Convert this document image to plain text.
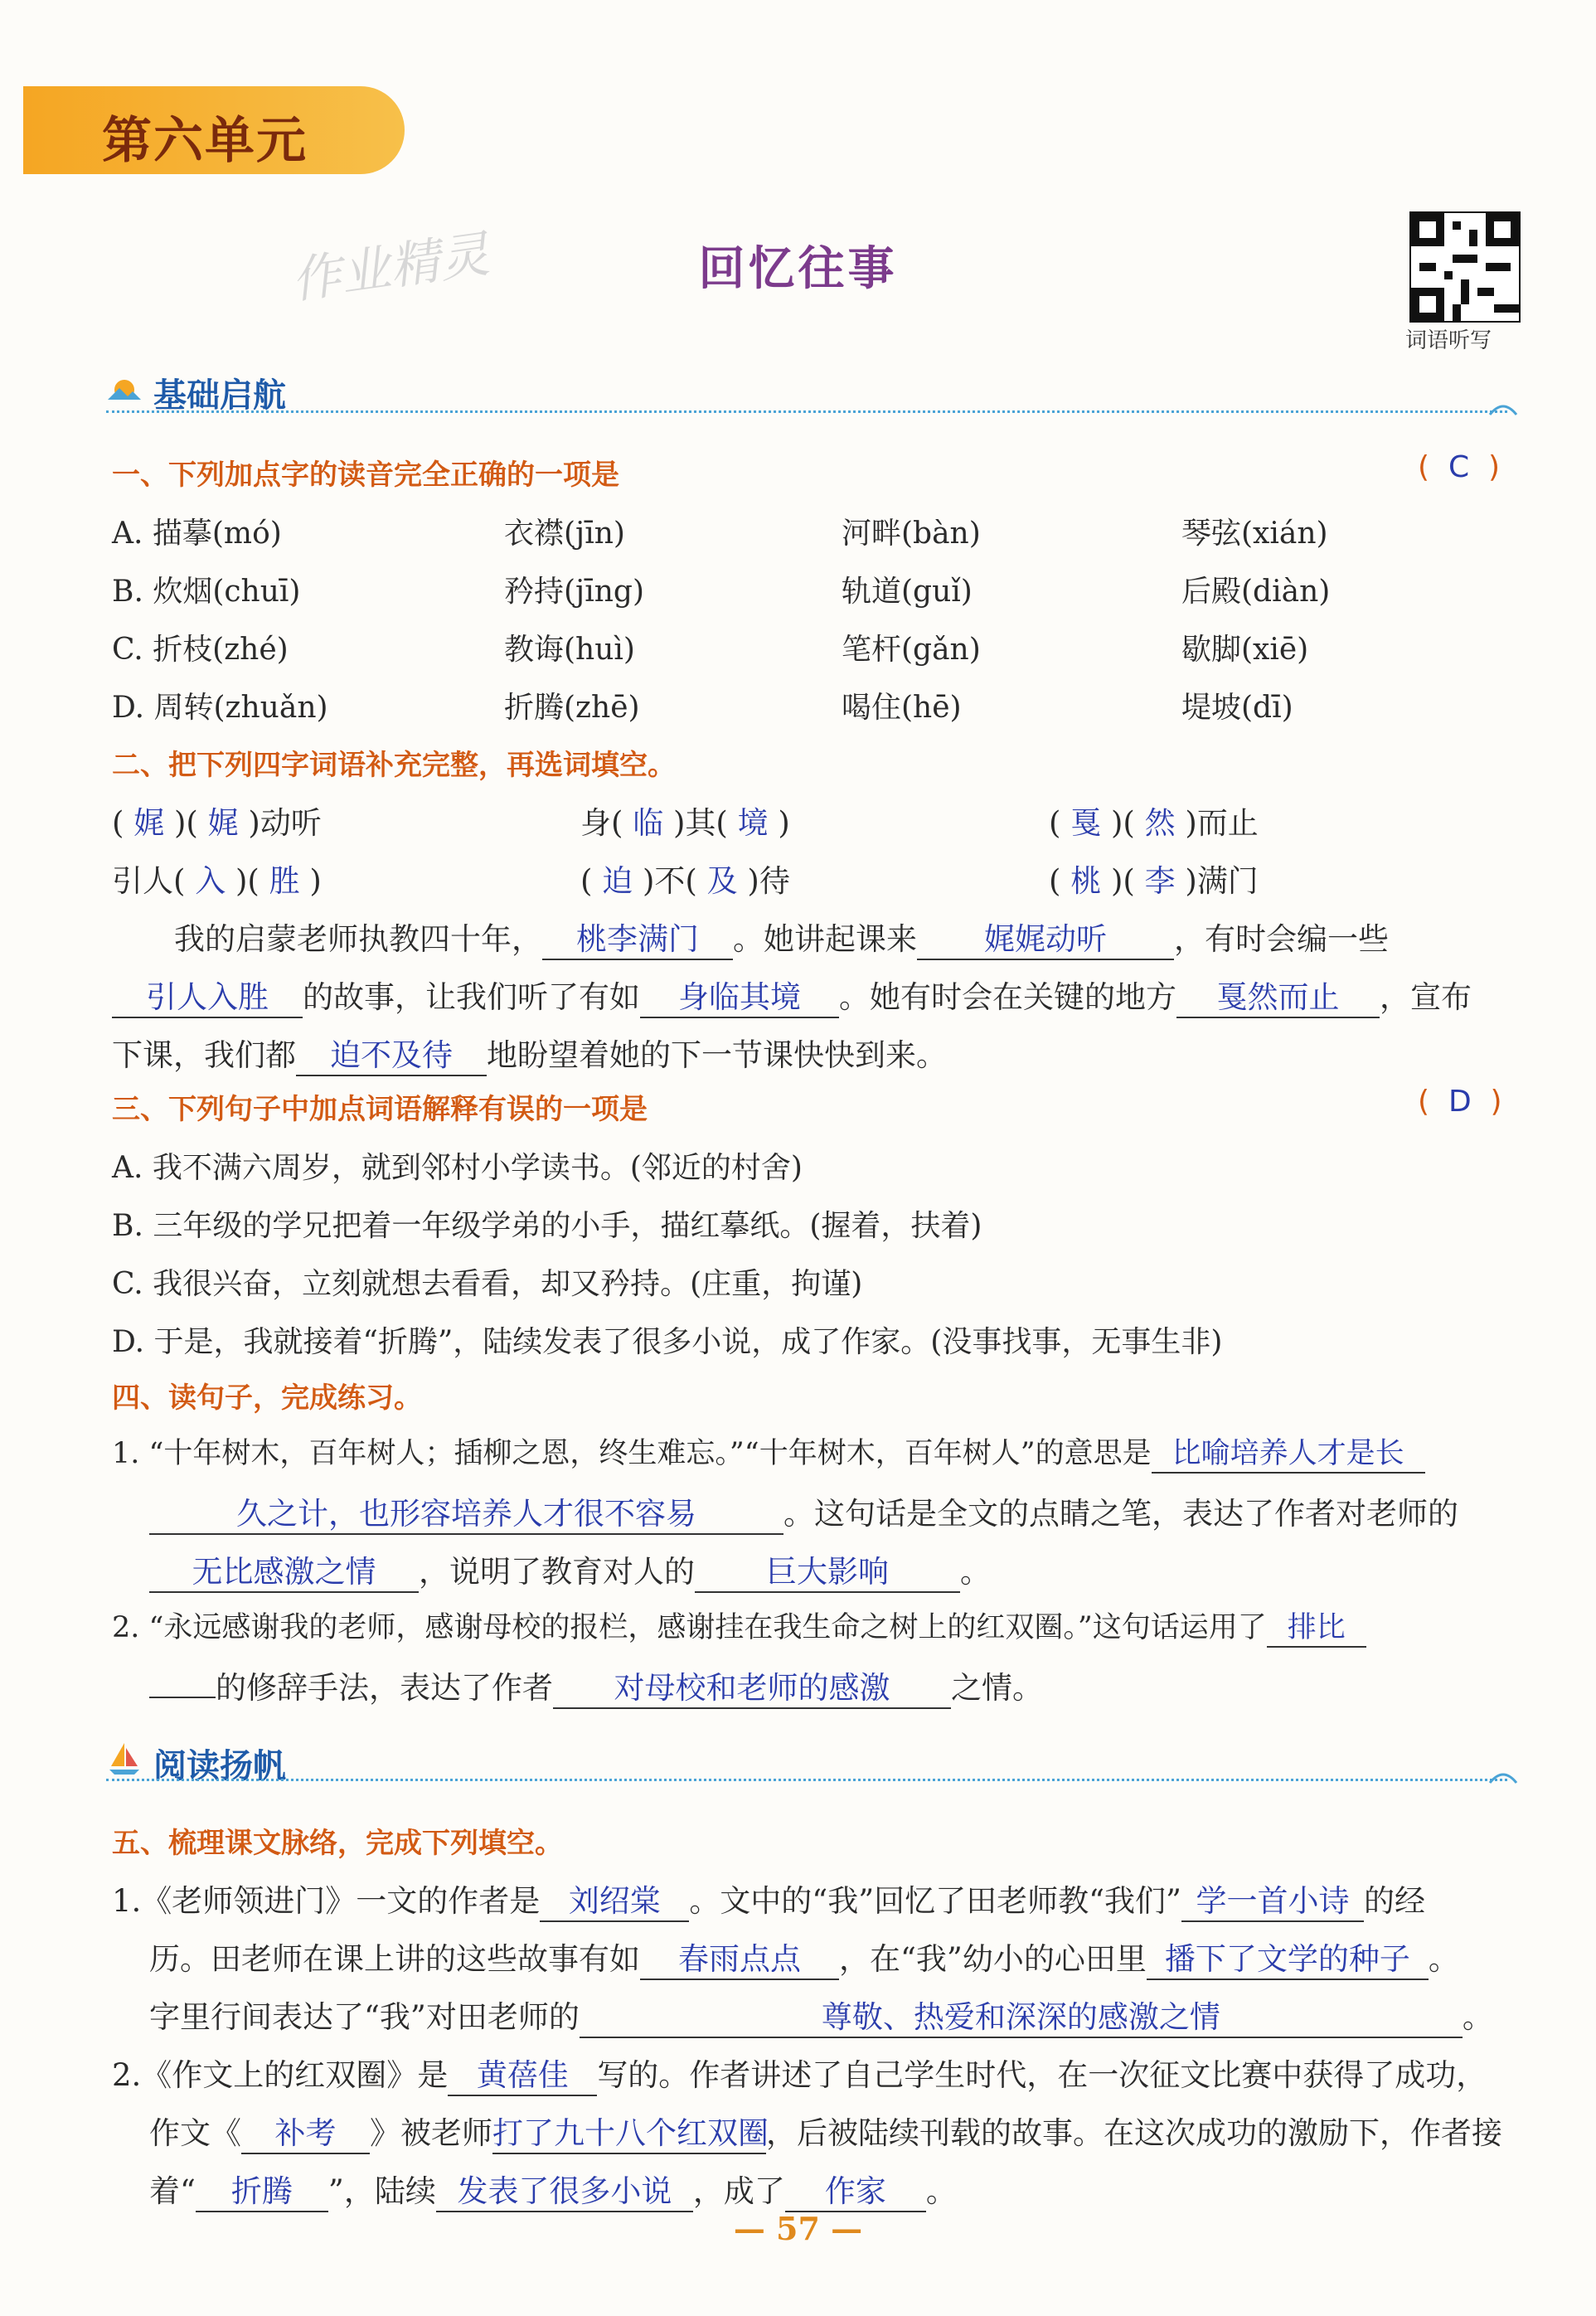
第六单元
作业精灵	回忆往事
词语听写
基础启航
一、下列加点字的读音完全正确的一项是	(  C  )
A. 描摹(mó)	衣襟(jīn)	河畔(bàn)	琴弦(xián)
B. 炊烟(chuī)	矜持(jīng)	轨道(guǐ)	后殿(diàn)
C. 折枝(zhé)	教诲(huì)	笔杆(gǎn)	歇脚(xiē)
D. 周转(zhuǎn)	折腾(zhē)	喝住(hē)	堤坡(dī)
二、把下列四字词语补充完整，再选词填空。
( 娓 )( 娓 )动听	身( 临 )其( 境 )	( 戛 )( 然 )而止
引人( 入 )( 胜 )	( 迫 )不( 及 )待	( 桃 )( 李 )满门
我的启蒙老师执教四十年， 桃李满门 。她讲起课来 娓娓动听 ，有时会编一些
引人入胜 的故事，让我们听了有如 身临其境 。她有时会在关键的地方 戛然而止 ，宣布
下课，我们都 迫不及待 地盼望着她的下一节课快快到来。
三、下列句子中加点词语解释有误的一项是	(  D  )
A. 我不满六周岁，就到邻村小学读书。(邻近的村舍)
B. 三年级的学兄把着一年级学弟的小手，描红摹纸。(握着，扶着)
C. 我很兴奋，立刻就想去看看，却又矜持。(庄重，拘谨)
D. 于是，我就接着“折腾”，陆续发表了很多小说，成了作家。(没事找事，无事生非)
四、读句子，完成练习。
1. “十年树木，百年树人；插柳之恩，终生难忘。”“十年树木，百年树人”的意思是 比喻培养人才是长
久之计，也形容培养人才很不容易	。这句话是全文的点睛之笔，表达了作者对老师的
无比感激之情 ，说明了教育对人的 巨大影响 。
2. “永远感谢我的老师，感谢母校的报栏，感谢挂在我生命之树上的红双圈。”这句话运用了 排比
的修辞手法，表达了作者 对母校和老师的感激 之情。
阅读扬帆
五、梳理课文脉络，完成下列填空。
1.《老师领进门》一文的作者是 刘绍棠 。文中的“我”回忆了田老师教“我们” 学一首小诗 的经
历。田老师在课上讲的这些故事有如 春雨点点 ，在“我”幼小的心田里 播下了文学的种子 。
字里行间表达了“我”对田老师的	尊敬、热爱和深深的感激之情	。
2.《作文上的红双圈》是 黄蓓佳 写的。作者讲述了自己学生时代，在一次征文比赛中获得了成功，
作文《 补考 》被老师打了九十八个红双圈，后被陆续刊载的故事。在这次成功的激励下，作者接
着“ 折腾 ”，陆续 发表了很多小说 ，成了 作家 。
— 57 —
